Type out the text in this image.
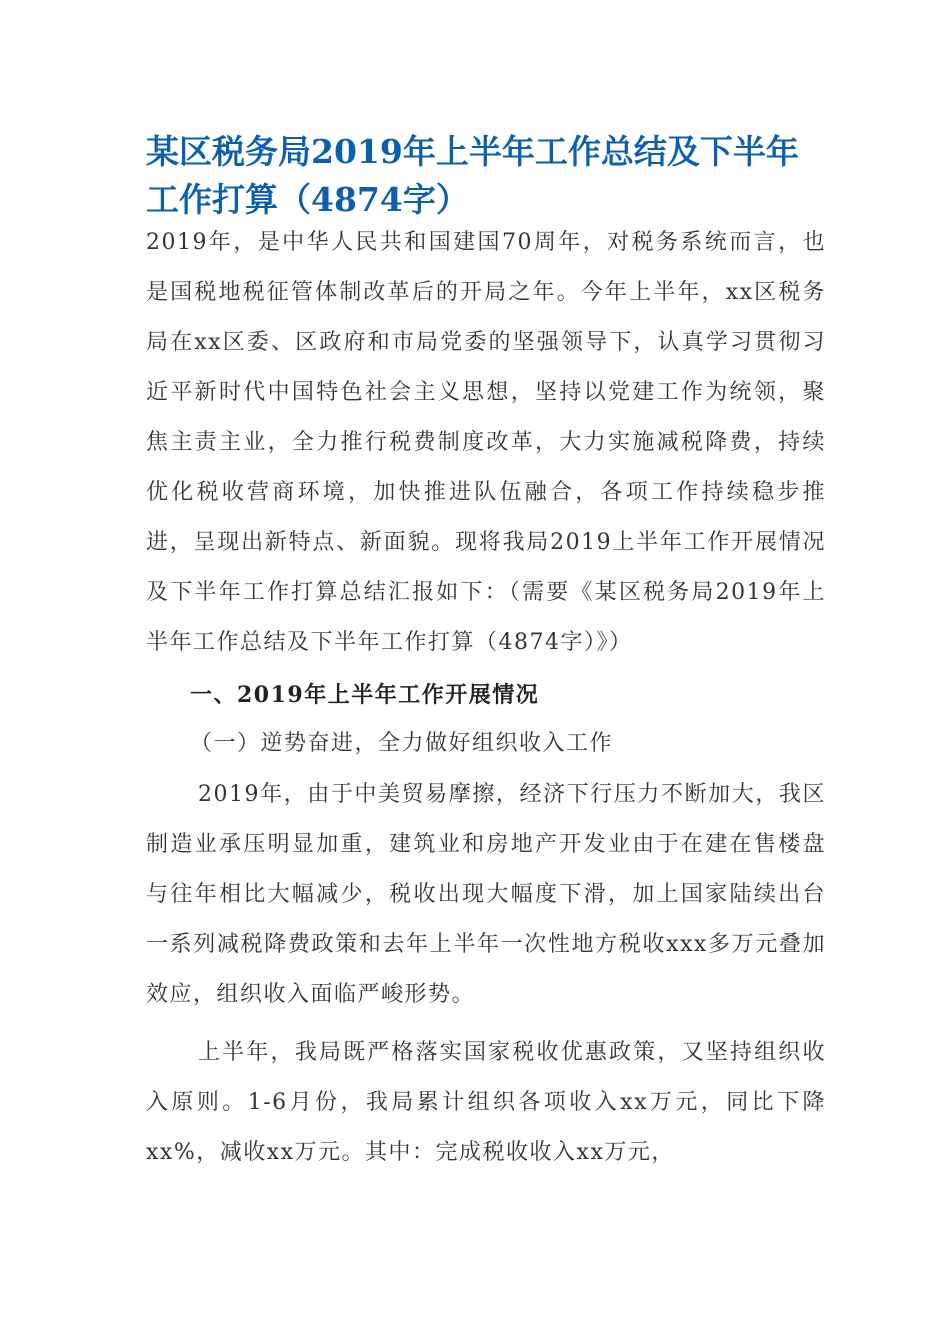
某区税务局2019年上半年工作总结及下半年工作打算（4874字）

2019年，是中华人民共和国建国70周年，对税务系统而言，也是国税地税征管体制改革后的开局之年。今年上半年，xx区税务局在xx区委、区政府和市局党委的坚强领导下，认真学习贯彻习近平新时代中国特色社会主义思想，坚持以党建工作为统领，聚焦主责主业，全力推行税费制度改革，大力实施减税降费，持续优化税收营商环境，加快推进队伍融合，各项工作持续稳步推进，呈现出新特点、新面貌。现将我局2019上半年工作开展情况及下半年工作打算总结汇报如下：（需要《某区税务局2019年上半年工作总结及下半年工作打算（4874字）》）

一、2019年上半年工作开展情况

（一）逆势奋进，全力做好组织收入工作

2019年，由于中美贸易摩擦，经济下行压力不断加大，我区制造业承压明显加重，建筑业和房地产开发业由于在建在售楼盘与往年相比大幅减少，税收出现大幅度下滑，加上国家陆续出台一系列减税降费政策和去年上半年一次性地方税收xxx多万元叠加效应，组织收入面临严峻形势。

上半年，我局既严格落实国家税收优惠政策，又坚持组织收入原则。1-6月份，我局累计组织各项收入xx万元，同比下降xx%，减收xx万元。其中：完成税收收入xx万元，
